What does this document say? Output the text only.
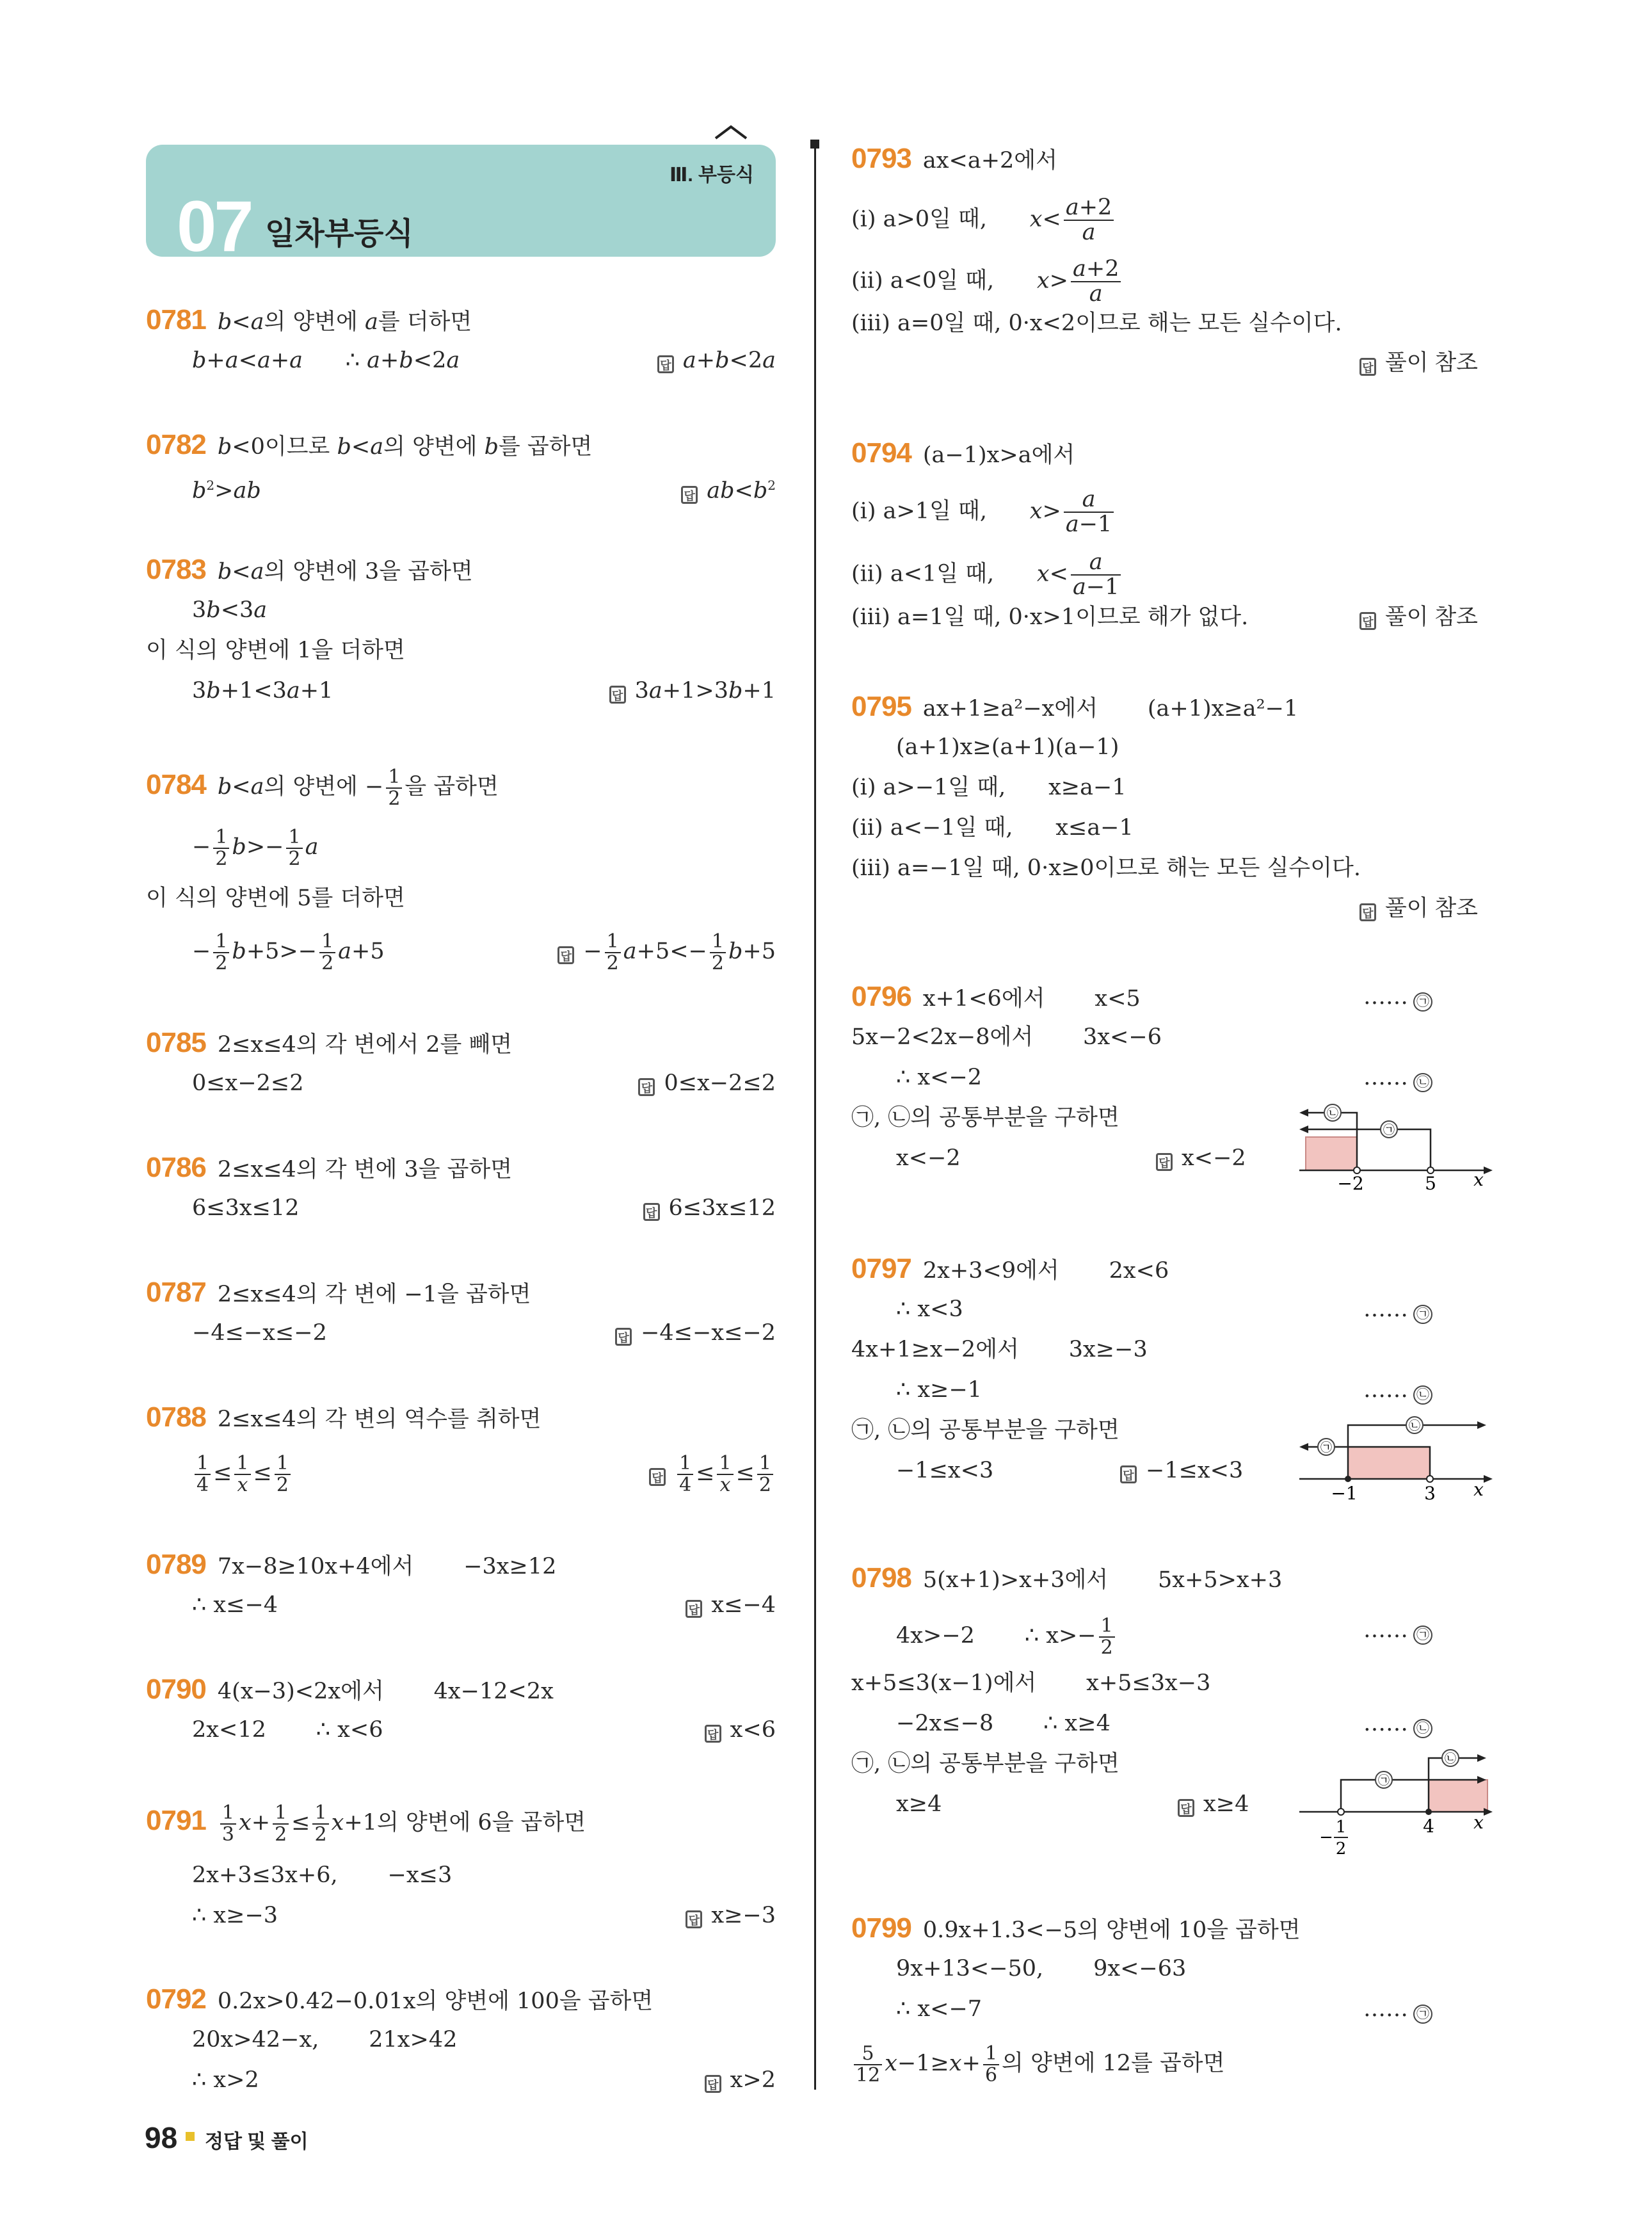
07 일차부등식
Ⅲ. 부등식
0781 b<a의 양변에 a를 더하면
b+a<a+a      ∴ a+b<2a	답 a+b<2a
0782 b<0이므로 b<a의 양변에 b를 곱하면
$b^2>ab$	답 $ab<b^2$
0783 b<a의 양변에 3을 곱하면
3b<3a
이 식의 양변에 1을 더하면
3b+1<3a+1	답 3a+1>3b+1
0784 b<a의 양변에 − $\frac{1}{2}$ 을 곱하면
− $\frac{1}{2} b>- \frac{1}{2}$ a
이 식의 양변에 5를 더하면
− $\frac{1}{2} b+5>- \frac{1}{2} a+5$	답 − $\frac{1}{2} a+5<- \frac{1}{2} b+5$
0785 2≤x≤4의 각 변에서 2를 빼면
0≤x−2≤2	답 0≤x−2≤2
0786 2≤x≤4의 각 변에 3을 곱하면
6≤3x≤12	답 6≤3x≤12
0787 2≤x≤4의 각 변에 −1을 곱하면
−4≤−x≤−2	답 −4≤−x≤−2
0788 2≤x≤4의 각 변의 역수를 취하면
$\frac{1}{4} \le \frac{1}{x} \le \frac{1}{2}$	답 $\frac{1}{4} \le \frac{1}{x} \le \frac{1}{2}$
0789 7x−8≥10x+4에서 −3x≥12
∴ x≤−4	답 x≤−4
0790 4(x−3)<2x에서 4x−12<2x
2x<12 ∴ x<6	답 x<6
$0791 \frac{1}{3} x+ \frac{1}{2} \le \frac{1}{2} x+1$의 양변에 6을 곱하면
2x+3≤3x+6, −x≤3
∴ x≥−3	답 x≥−3
0792 0.2x>0.42−0.01x의 양변에 100을 곱하면
20x>42−x, 21x>42
∴ x>2	답 x>2
0793 ax<a+2에서
(ⅰ) a>0일 때, $x< \frac{a+2}{a}$
(ⅱ) a<0일 때, $x> \frac{a+2}{a}$
(ⅲ) a=0일 때, 0·x<2이므로 해는 모든 실수이다.
답 풀이 참조
0794 (a−1)x>a에서
(ⅰ) a>1일 때, $x> \frac{a}{a-1}$
(ⅱ) a<1일 때, $x< \frac{a}{a-1}$
(ⅲ) a=1일 때, 0·x>1이므로 해가 없다.	답 풀이 참조
0795 ax+1≥a²−x에서 (a+1)x≥a²−1
(a+1)x≥(a+1)(a−1)
(ⅰ) a>−1일 때, x≥a−1
(ⅱ) a<−1일 때, x≤a−1
(ⅲ) a=−1일 때, 0·x≥0이므로 해는 모든 실수이다.
답 풀이 참조
0796 x+1<6에서 x<5	…… ㉠
5x−2<2x−8에서 3x<−6
∴ x<−2	…… ㉡
㉠, ㉡의 공통부분을 구하면
x<−2	답 x<−2
㉡
㉠
−2	5 x
0797 2x+3<9에서 2x<6
∴ x<3	…… ㉠
4x+1≥x−2에서 3x≥−3
∴ x≥−1	…… ㉡
㉠, ㉡의 공통부분을 구하면
−1≤x<3	답 −1≤x<3
㉡
㉠
−1	3 x
0798 5(x+1)>x+3에서 5x+5>x+3
4x>−2 ∴ $x>- \frac{1}{2}$	…… ㉠
x+5≤3(x−1)에서 x+5≤3x−3
−2x≤−8 ∴ x≥4	…… ㉡
㉠, ㉡의 공통부분을 구하면
x≥4	답 x≥4
㉡
㉠
−
1
2
4 x
0799 0.9x+1.3<−5의 양변에 10을 곱하면
9x+13<−50, 9x<−63
∴ x<−7	…… ㉠
$\frac{5}{12} x-1\ge x+ \frac{1}{6}$ 의 양변에 12를 곱하면
98 정답 및 풀이
